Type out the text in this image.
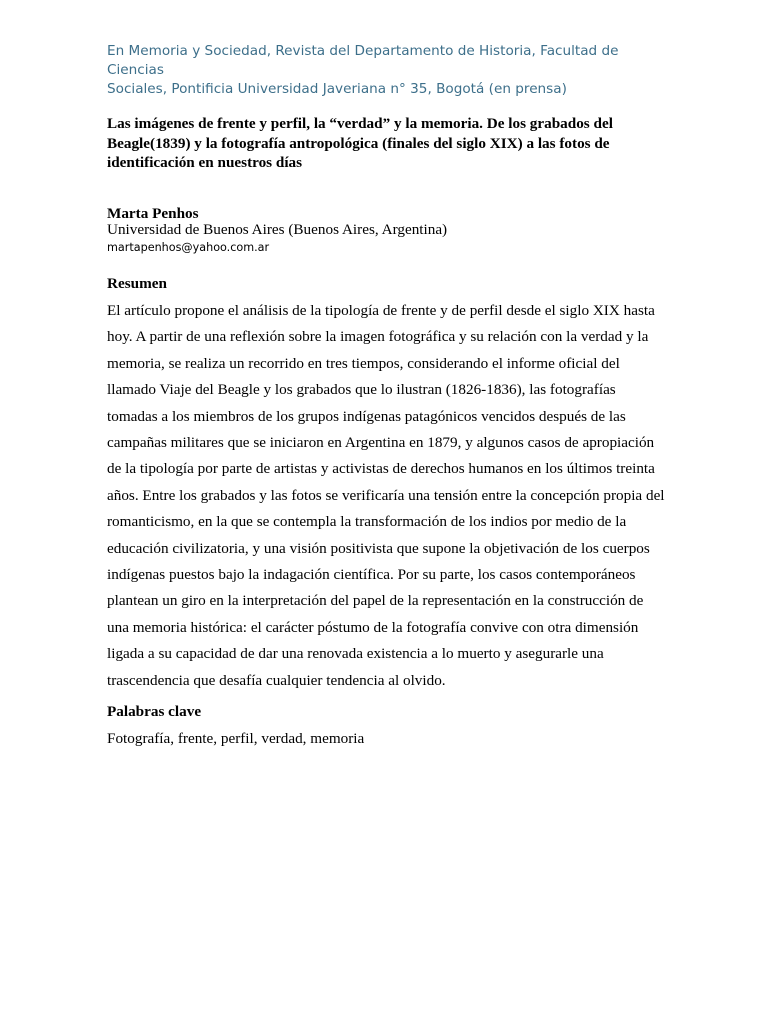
En Memoria y Sociedad, Revista del Departamento de Historia, Facultad de Ciencias
Sociales, Pontificia Universidad Javeriana n° 35, Bogotá (en prensa)
Las imágenes de frente y perfil, la “verdad” y la memoria. De los grabados del
Beagle(1839) y la fotografía antropológica (finales del siglo XIX) a las fotos de
identificación en nuestros días
Marta Penhos
Universidad de Buenos Aires (Buenos Aires, Argentina)
martapenhos@yahoo.com.ar
Resumen
El artículo propone el análisis de la tipología de frente y de perfil desde el siglo XIX hasta
hoy. A partir de una reflexión sobre la imagen fotográfica y su relación con la verdad y la
memoria, se realiza un recorrido en tres tiempos, considerando el informe oficial del
llamado Viaje del Beagle y los grabados que lo ilustran (1826-1836), las fotografías
tomadas a los miembros de los grupos indígenas patagónicos vencidos después de las
campañas militares que se iniciaron en Argentina en 1879, y algunos casos de apropiación
de la tipología por parte de artistas y activistas de derechos humanos en los últimos treinta
años. Entre los grabados y las fotos se verificaría una tensión entre la concepción propia del
romanticismo, en la que se contempla la transformación de los indios por medio de la
educación civilizatoria, y una visión positivista que supone la objetivación de los cuerpos
indígenas puestos bajo la indagación científica. Por su parte, los casos contemporáneos
plantean un giro en la interpretación del papel de la representación en la construcción de
una memoria histórica: el carácter póstumo de la fotografía convive con otra dimensión
ligada a su capacidad de dar una renovada existencia a lo muerto y asegurarle una
trascendencia que desafía cualquier tendencia al olvido.
Palabras clave
Fotografía, frente, perfil, verdad, memoria
